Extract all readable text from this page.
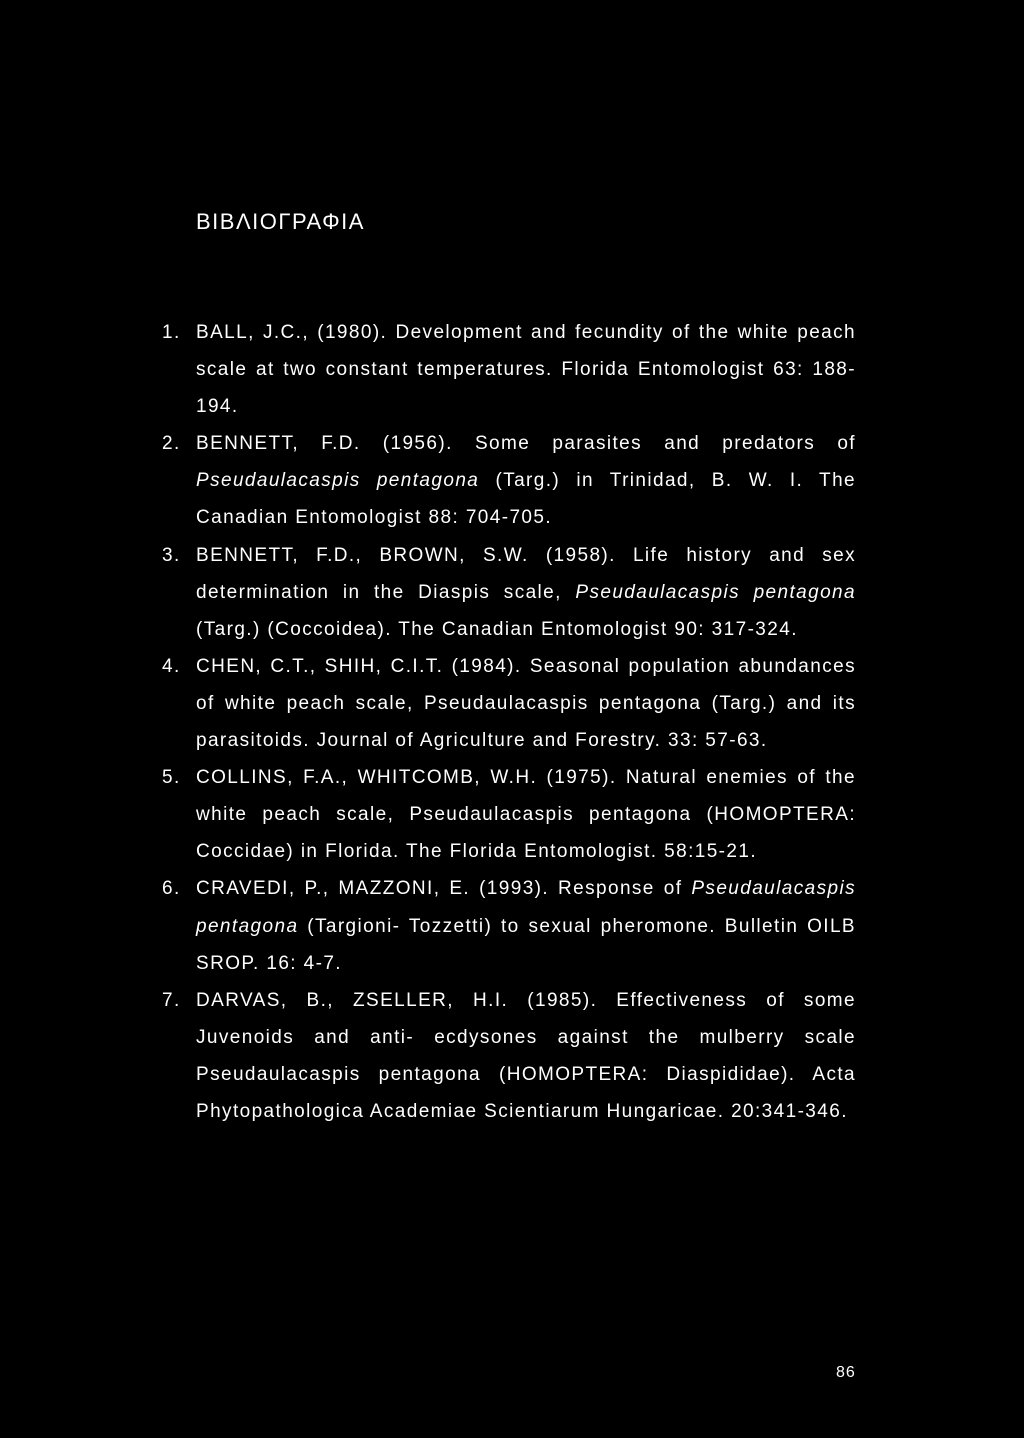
ΒΙΒΛΙΟΓΡΑΦΙΑ
1. BALL, J.C., (1980). Development and fecundity of the white peach scale at two constant temperatures. Florida Entomologist 63: 188-194.
2. BENNETT, F.D. (1956). Some parasites and predators of Pseudaulacaspis pentagona (Targ.) in Trinidad, B. W. I. The Canadian Entomologist 88: 704-705.
3. BENNETT, F.D., BROWN, S.W. (1958). Life history and sex determination in the Diaspis scale, Pseudaulacaspis pentagona (Targ.) (Coccoidea). The Canadian Entomologist 90: 317-324.
4. CHEN, C.T., SHIH, C.I.T. (1984). Seasonal population abundances of white peach scale, Pseudaulacaspis pentagona (Targ.) and its parasitoids. Journal of Agriculture and Forestry. 33: 57-63.
5. COLLINS, F.A., WHITCOMB, W.H. (1975). Natural enemies of the white peach scale, Pseudaulacaspis pentagona (HOMOPTERA: Coccidae) in Florida. The Florida Entomologist. 58:15-21.
6. CRAVEDI, P., MAZZONI, E. (1993). Response of Pseudaulacaspis pentagona (Targioni- Tozzetti) to sexual pheromone. Bulletin OILB SROP. 16: 4-7.
7. DARVAS, B., ZSELLER, H.I. (1985). Effectiveness of some Juvenoids and anti- ecdysones against the mulberry scale Pseudaulacaspis pentagona (HOMOPTERA: Diaspididae). Acta Phytopathologica Academiae Scientiarum Hungaricae. 20:341-346.
86
